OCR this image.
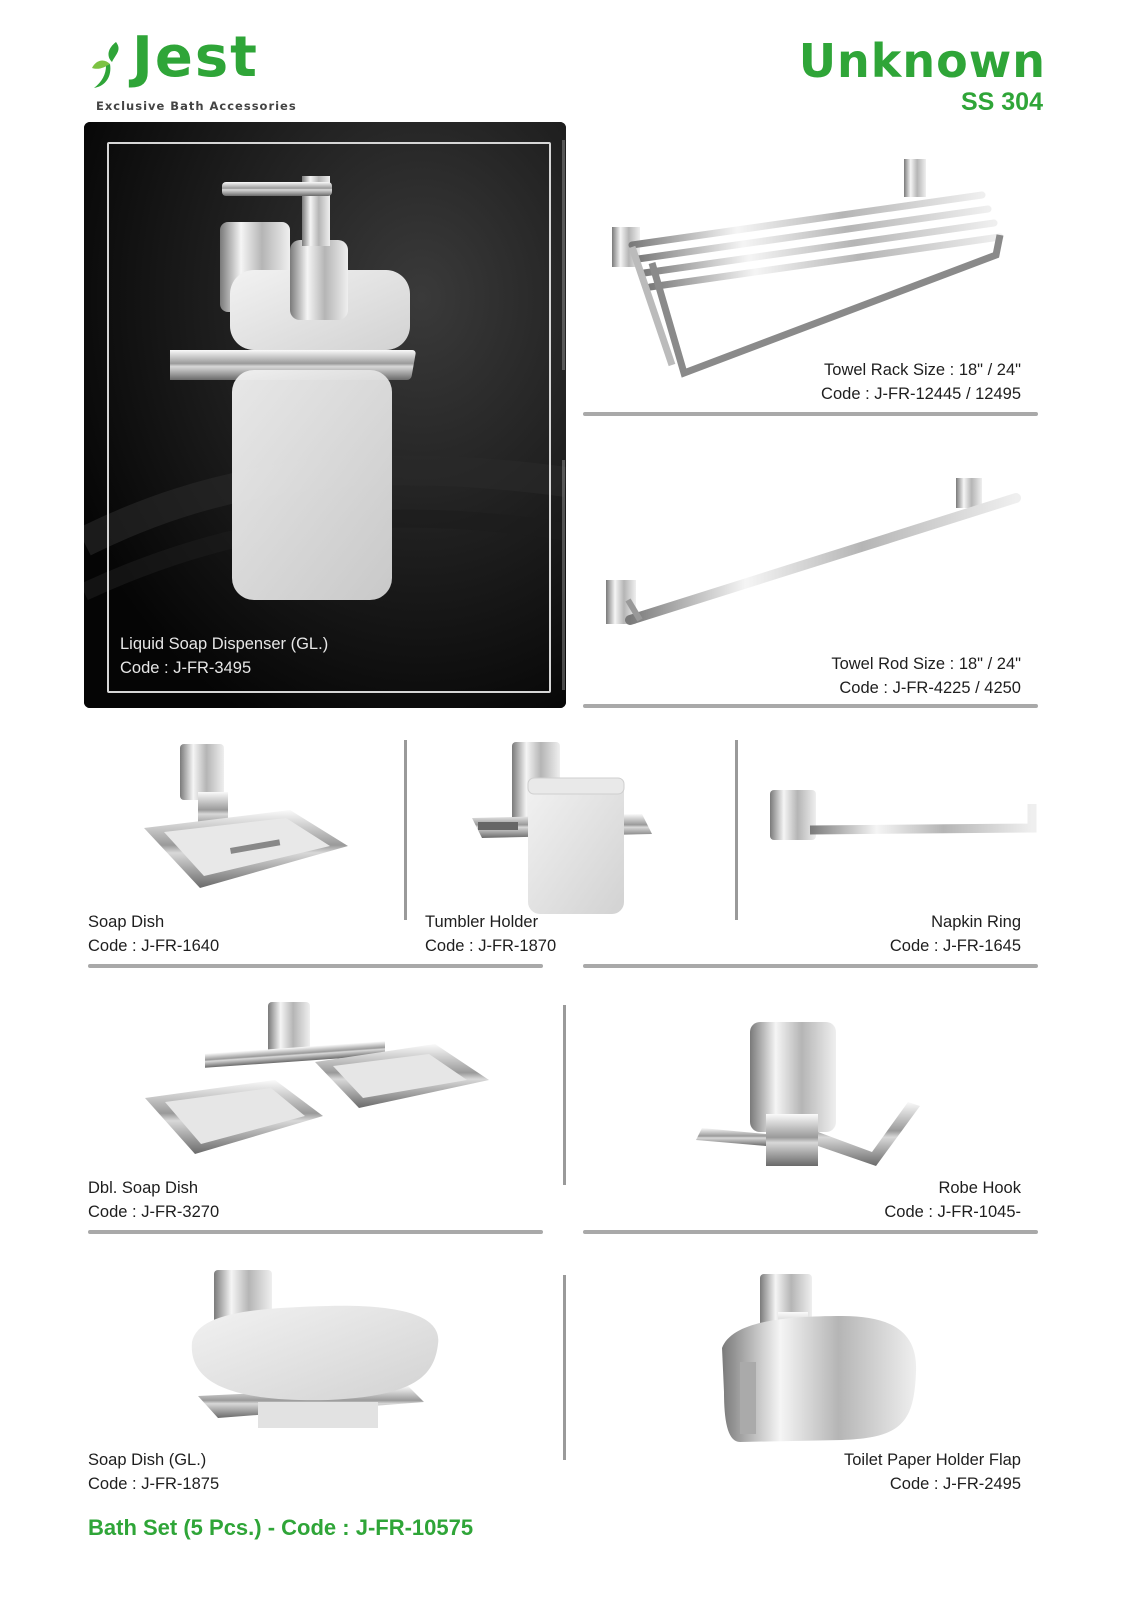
Jest
Exclusive Bath Accessories
Unknown
SS 304
Liquid Soap Dispenser (GL.)
Code : J-FR-3495
Towel Rack Size : 18" / 24"
Code : J-FR-12445 / 12495
Towel Rod Size : 18" / 24"
Code : J-FR-4225 / 4250
Soap Dish
Code : J-FR-1640
Tumbler Holder
Code : J-FR-1870
Napkin Ring
Code : J-FR-1645
Dbl. Soap Dish
Code : J-FR-3270
Robe Hook
Code : J-FR-1045-
Soap Dish (GL.)
Code : J-FR-1875
Toilet Paper Holder Flap
Code : J-FR-2495
Bath Set (5 Pcs.) - Code : J-FR-10575
